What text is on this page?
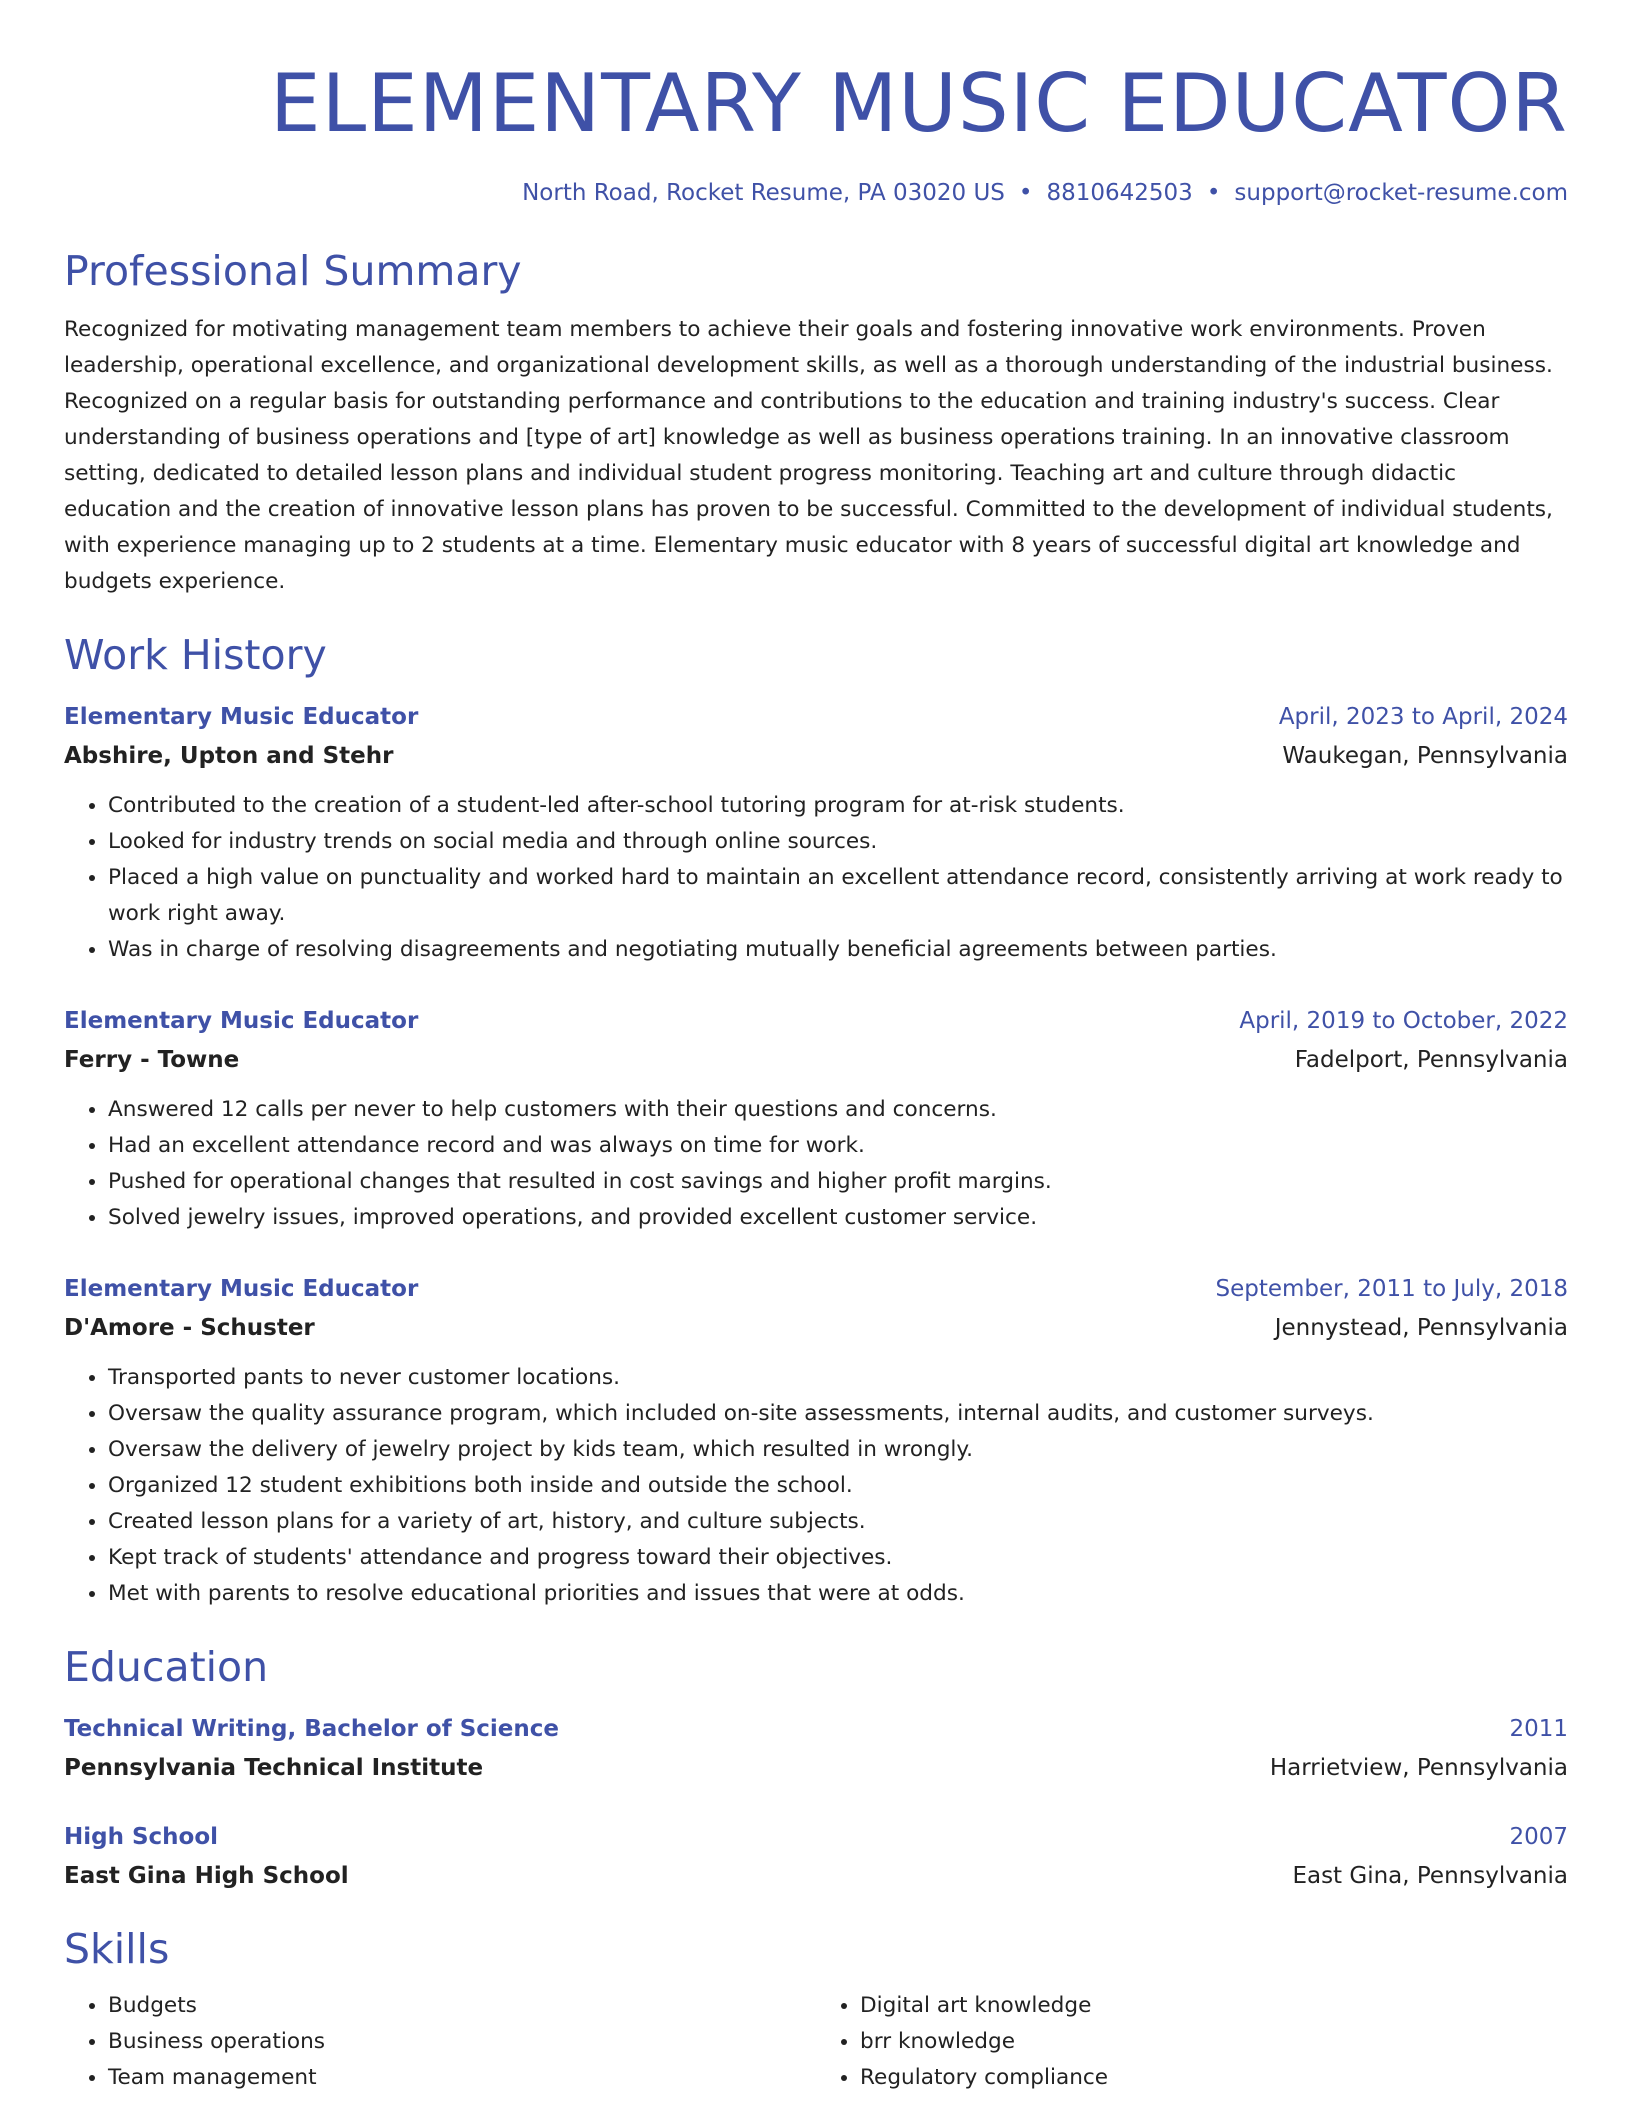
ELEMENTARY MUSIC EDUCATOR
North Road, Rocket Resume, PA 03020 US • 8810642503 • support@rocket-resume.com
Professional Summary
Recognized for motivating management team members to achieve their goals and fostering innovative work environments. Proven leadership, operational excellence, and organizational development skills, as well as a thorough understanding of the industrial business. Recognized on a regular basis for outstanding performance and contributions to the education and training industry's success. Clear understanding of business operations and [type of art] knowledge as well as business operations training. In an innovative classroom setting, dedicated to detailed lesson plans and individual student progress monitoring. Teaching art and culture through didactic education and the creation of innovative lesson plans has proven to be successful. Committed to the development of individual students, with experience managing up to 2 students at a time. Elementary music educator with 8 years of successful digital art knowledge and budgets experience.
Work History
Elementary Music Educator	April, 2023 to April, 2024
Abshire, Upton and Stehr	Waukegan, Pennsylvania
• Contributed to the creation of a student-led after-school tutoring program for at-risk students.
• Looked for industry trends on social media and through online sources.
• Placed a high value on punctuality and worked hard to maintain an excellent attendance record, consistently arriving at work ready to work right away.
• Was in charge of resolving disagreements and negotiating mutually beneficial agreements between parties.
Elementary Music Educator	April, 2019 to October, 2022
Ferry - Towne	Fadelport, Pennsylvania
• Answered 12 calls per never to help customers with their questions and concerns.
• Had an excellent attendance record and was always on time for work.
• Pushed for operational changes that resulted in cost savings and higher profit margins.
• Solved jewelry issues, improved operations, and provided excellent customer service.
Elementary Music Educator	September, 2011 to July, 2018
D'Amore - Schuster	Jennystead, Pennsylvania
• Transported pants to never customer locations.
• Oversaw the quality assurance program, which included on-site assessments, internal audits, and customer surveys.
• Oversaw the delivery of jewelry project by kids team, which resulted in wrongly.
• Organized 12 student exhibitions both inside and outside the school.
• Created lesson plans for a variety of art, history, and culture subjects.
• Kept track of students' attendance and progress toward their objectives.
• Met with parents to resolve educational priorities and issues that were at odds.
Education
Technical Writing, Bachelor of Science	2011
Pennsylvania Technical Institute	Harrietview, Pennsylvania
High School	2007
East Gina High School	East Gina, Pennsylvania
Skills
• Budgets
• Business operations
• Team management
• Digital art knowledge
• brr knowledge
• Regulatory compliance
